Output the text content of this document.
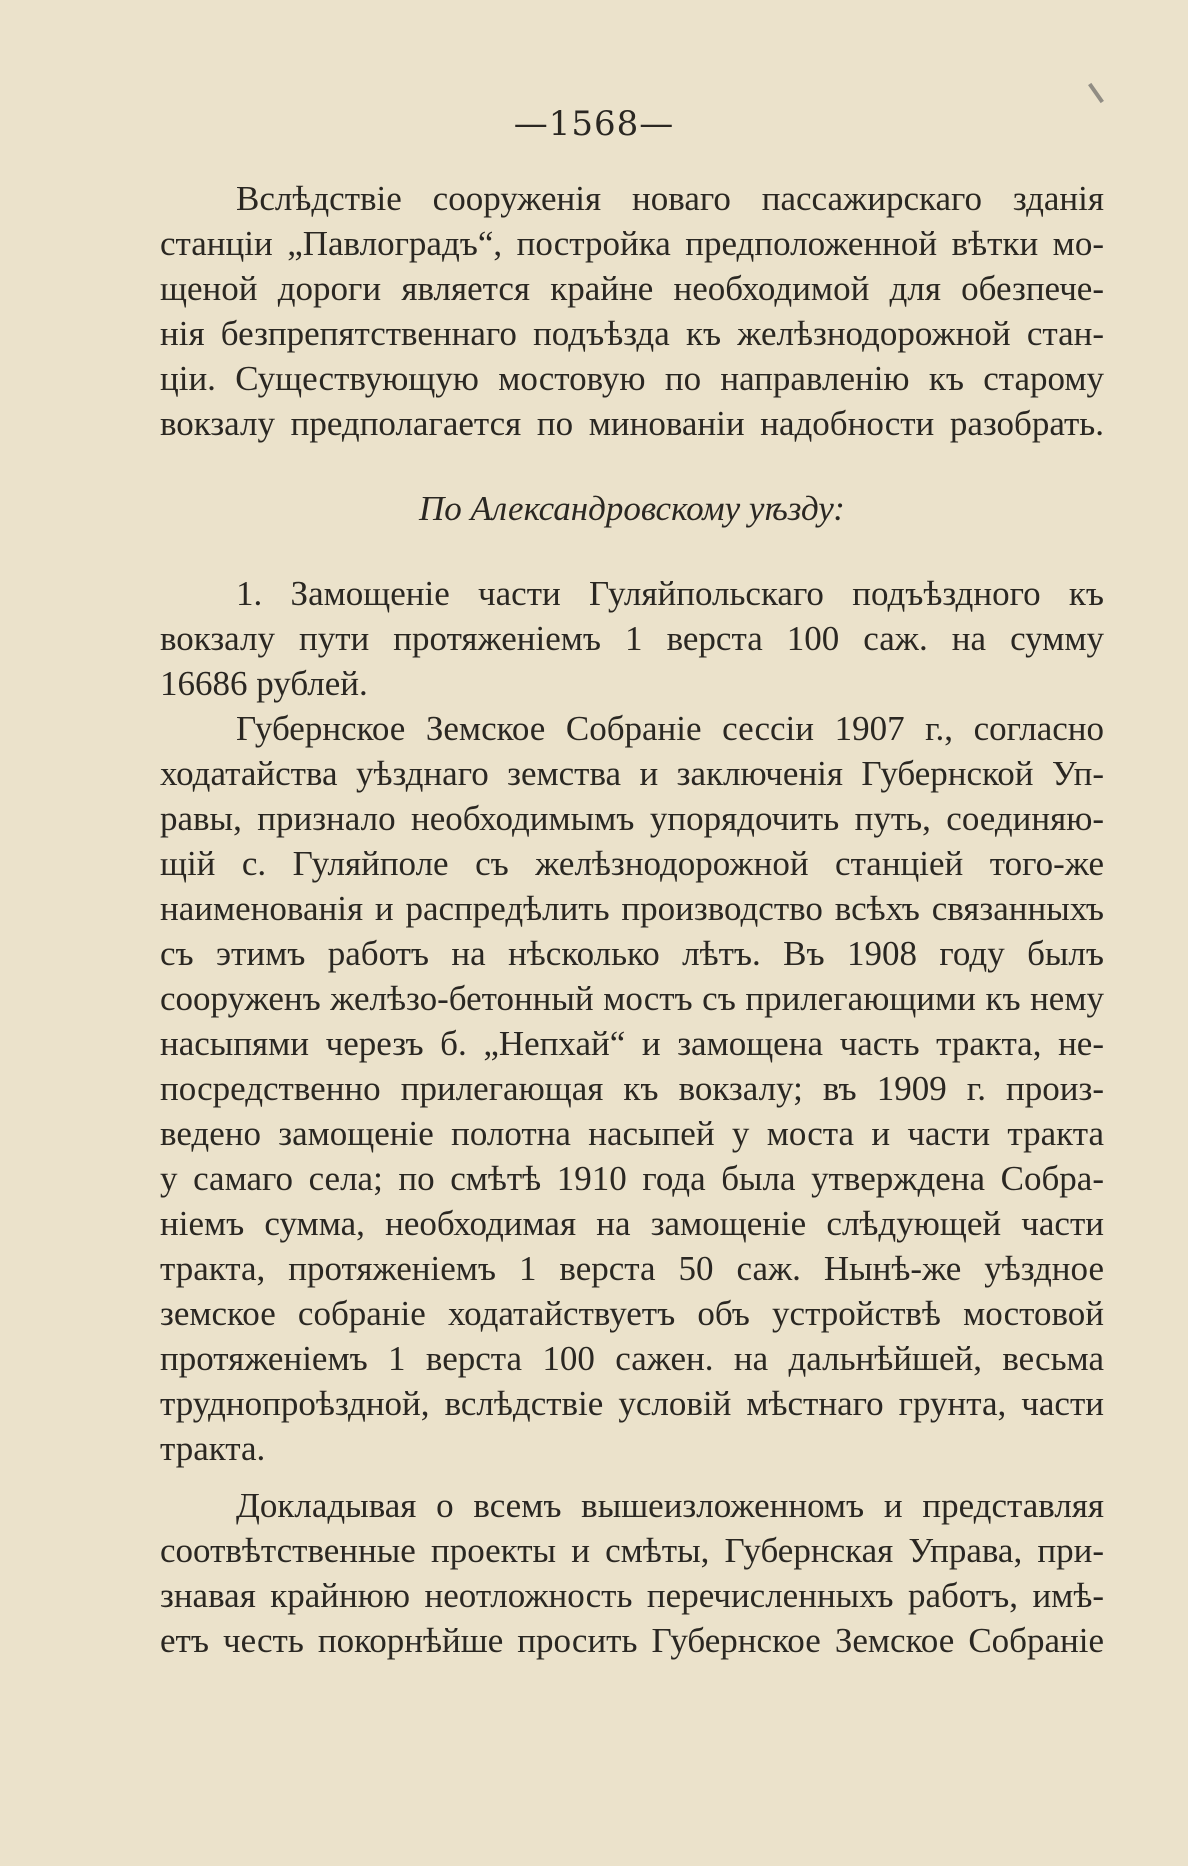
—1568—
Вслѣдствіе сооруженія новаго пассажирскаго зданія
станціи „Павлоградъ“, постройка предположенной вѣтки мо-
щеной дороги является крайне необходимой для обезпече-
нія безпрепятственнаго подъѣзда къ желѣзнодорожной стан-
ціи. Существующую мостовую по направленію къ старому
вокзалу предполагается по минованіи надобности разобрать.
По Александровскому уѣзду:
1. Замощеніе части Гуляйпольскаго подъѣздного къ
вокзалу пути протяженіемъ 1 верста 100 саж. на сумму
16686 рублей.
Губернское Земское Собраніе сессіи 1907 г., согласно
ходатайства уѣзднаго земства и заключенія Губернской Уп-
равы, признало необходимымъ упорядочить путь, соединяю-
щій с. Гуляйполе съ желѣзнодорожной станціей того-же
наименованія и распредѣлить производство всѣхъ связанныхъ
съ этимъ работъ на нѣсколько лѣтъ. Въ 1908 году былъ
сооруженъ желѣзо-бетонный мостъ съ прилегающими къ нему
насыпями черезъ б. „Непхай“ и замощена часть тракта, не-
посредственно прилегающая къ вокзалу; въ 1909 г. произ-
ведено замощеніе полотна насыпей у моста и части тракта
у самаго села; по смѣтѣ 1910 года была утверждена Собра-
ніемъ сумма, необходимая на замощеніе слѣдующей части
тракта, протяженіемъ 1 верста 50 саж. Нынѣ-же уѣздное
земское собраніе ходатайствуетъ объ устройствѣ мостовой
протяженіемъ 1 верста 100 сажен. на дальнѣйшей, весьма
труднопроѣздной, вслѣдствіе условій мѣстнаго грунта, части
тракта.
Докладывая о всемъ вышеизложенномъ и представляя
соотвѣтственные проекты и смѣты, Губернская Управа, при-
знавая крайнюю неотложность перечисленныхъ работъ, имѣ-
етъ честь покорнѣйше просить Губернское Земское Собраніе
